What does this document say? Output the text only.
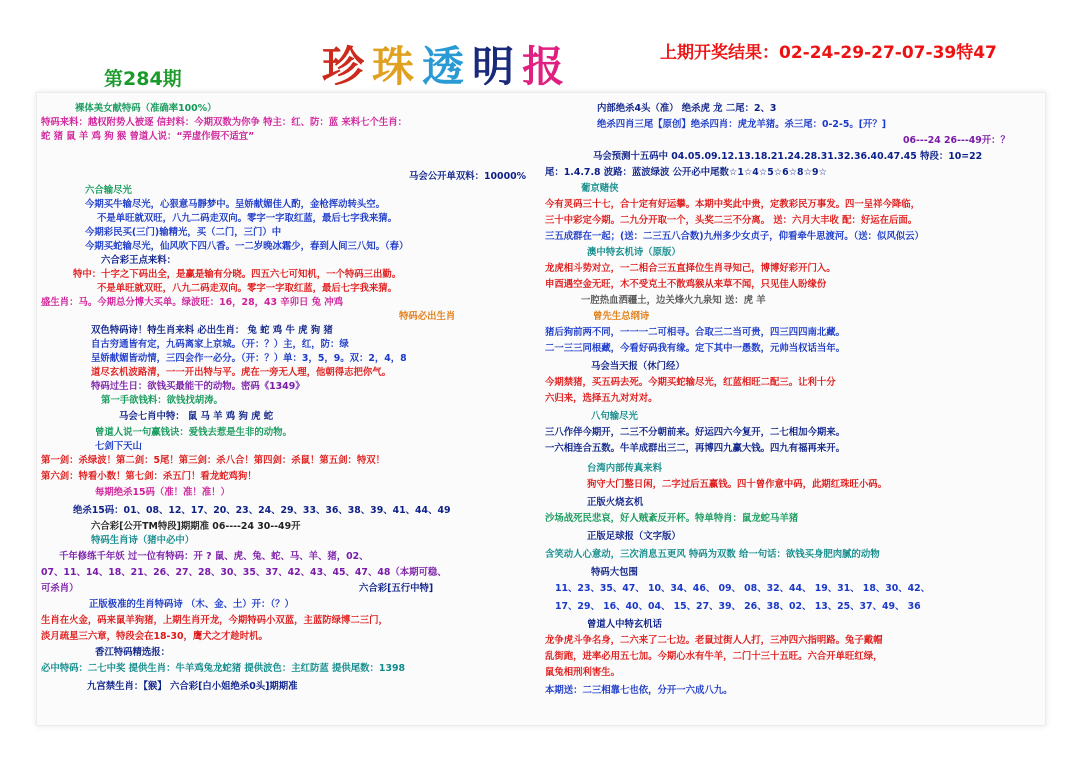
珍珠透明报	上期开奖结果：02-24-29-27-07-39特47
第284期
裸体美女献特码（准确率100%）
特码来料：越权附势人被逐 信封料：今期双数为你争 特主：红、防：蓝 来料七个生肖：
蛇 猪 鼠 羊 鸡 狗 猴 曾道人说：“弄虚作假不适宜”
马会公开单双料：10000%
六合输尽光
今期买牛输尽光，心狠意马靜梦中。呈娇献媚佳人酌，金枪挥动转头空。
不是单旺就双旺，八九二码走双向。零字一字取红蓝，最后七字我来猜。
今期彩民买(三门)输精光，买（二门，三门）中
今期买蛇输尽光，仙风吹下四八香。一二岁晚冰霜少，春到人间三八知。（春）
六合彩王点来料：
特中：十字之下码出全，是赢是输有分晓。四五六七可知机，一个特码三出勤。
不是单旺就双旺，八九二码走双向。零字一字取红蓝，最后七字我来猜。
盛生肖：马。今期总分博大买单。绿波旺：16，28，43 辛卯日 兔 冲鸡
特码必出生肖
双色特码诗！特生肖来料 必出生肖： 兔 蛇 鸡 牛 虎 狗 猪
自古穷通皆有定，九码离家上京城。（开：？）主，红，防：绿
呈娇献媚皆动情，三四会作一必分。（开：？）单：3，5，9。双：2，4，8
道尽玄机波路清，一一开出特与平。虎在一旁无人理，他朝得志把你气。
特码过生日：欲钱买最能干的动物。密码《1349》
第一手欲钱料：欲钱找胡涛。
马会七肖中特： 鼠 马 羊 鸡 狗 虎 蛇
曾道人说一句赢钱诀：爱钱去惹是生非的动物。
七剑下天山
第一剑：杀绿波！第二剑：5尾！第三剑：杀八合！第四剑：杀鼠！第五剑：特双！
第六剑：特看小数！第七剑：杀五门！看龙蛇鸡狗！
每期绝杀15码（准！准！准！）
绝杀15码：01、08、12、17、20、23、24、29、33、36、38、39、41、44、49
六合彩[公开TM特段]期期准 06----24 30--49开
特码生肖诗（猪中必中）
千年修练千年妖 过一位有特码：开 ? 鼠、虎、兔、蛇、马、羊、猪，02、
07、11、14、18、21、26、27、28、30、35、37、42、43、45、47、48（本期可稳、
可杀肖）	六合彩[五行中特]
正版极准的生肖特码诗 （木、金、土）开：（？）
生肖在火金，码来鼠羊狗猪，上期生肖开龙，今期特码小双蓝，主蓝防绿博二三门，
淡月疏星三六章，特段会在18-30，鹰犬之才趁时机。
香江特码精选报：
必中特码：二七中奖 提供生肖：牛羊鸡兔龙蛇猪 提供波色：主红防蓝 提供尾数：1398
九宫禁生肖：【猴】 六合彩[白小姐绝杀0头]期期准
内部绝杀4头（准） 绝杀虎 龙 二尾：2、3
绝杀四肖三尾【原创】绝杀四肖：虎龙羊猪。杀三尾：0-2-5。[开？]
06---24 26---49开：？
马会预测十五码中 04.05.09.12.13.18.21.24.28.31.32.36.40.47.45 特段：10=22
尾：1.4.7.8 波路：蓝波绿波 公开必中尾数☆1☆4☆5☆6☆8☆9☆
葡京赌侠
今有灵码三十七，合十定有好运攀。本期中奖此中贵，定教彩民万事发。四一呈祥今降临，
三十中彩定今期。二九分开取一个，头奖二三不分离。 送：六月大丰收 配：好运在后面。
三五成群在一起；(送：二三五八合数)九州多少女贞子，仰看牵牛思渡河。（送：似风似云）
澳中特玄机诗（原版）
龙虎相斗势对立，一二相合三五直择位生肖寻知己，博博好彩开门入。
申酉遇空金无旺，木不受克土不散鸡猴从来草不闻，只见佳人盼缘份
一腔热血洒疆土，边关烽火九泉知 送：虎 羊
曾先生总纲诗
猪后狗前两不同，一一一二可相寻。合取三二当可贵，四三四四南北藏。
二一三三同根藏，今看好码我有缘。定下其中一愚数，元帅当权话当年。
马会当天报（休门经）
今期禁猪，买五码去死。今期买蛇输尽光，红蓝相旺二配三。让利十分
六归来，选择五九对对对。
八句输尽光
三八作伴今期开，二三不分朝前来。好运四六今复开，二七相加今期来。
一六相连合五数。牛羊成群出三二，再博四九赢大钱。四九有福再来开。
台湾内部传真来料
狗守大门整日闲，二字过后五赢钱。四十曾作意中码，此期红珠旺小码。
正版火烧玄机
沙场战死民悲哀，好人贼紊反开杯。特单特肖：鼠龙蛇马羊猪
正版足球报（文字版）
含笑动人心意动，三次消息五更风 特码为双数 给一句话：欲钱买身肥肉腻的动物
特码大包围
11、23、35、47、 10、34、46、 09、 08、32、44、 19、31、 18、30、42、
17、29、 16、40、04、 15、27、39、 26、38、02、 13、25、37、49、 36
曾道人中特玄机话
龙争虎斗争名身，二六来了二七边。老鼠过街人人打，三冲四六指明路。兔子戴帽
乱街跑，进率必用五七加。今期心水有牛羊，二门十三十五旺。六合开单旺红绿，
鼠兔相刑利害生。
本期送：二三相靠七也依，分开一六成八九。
